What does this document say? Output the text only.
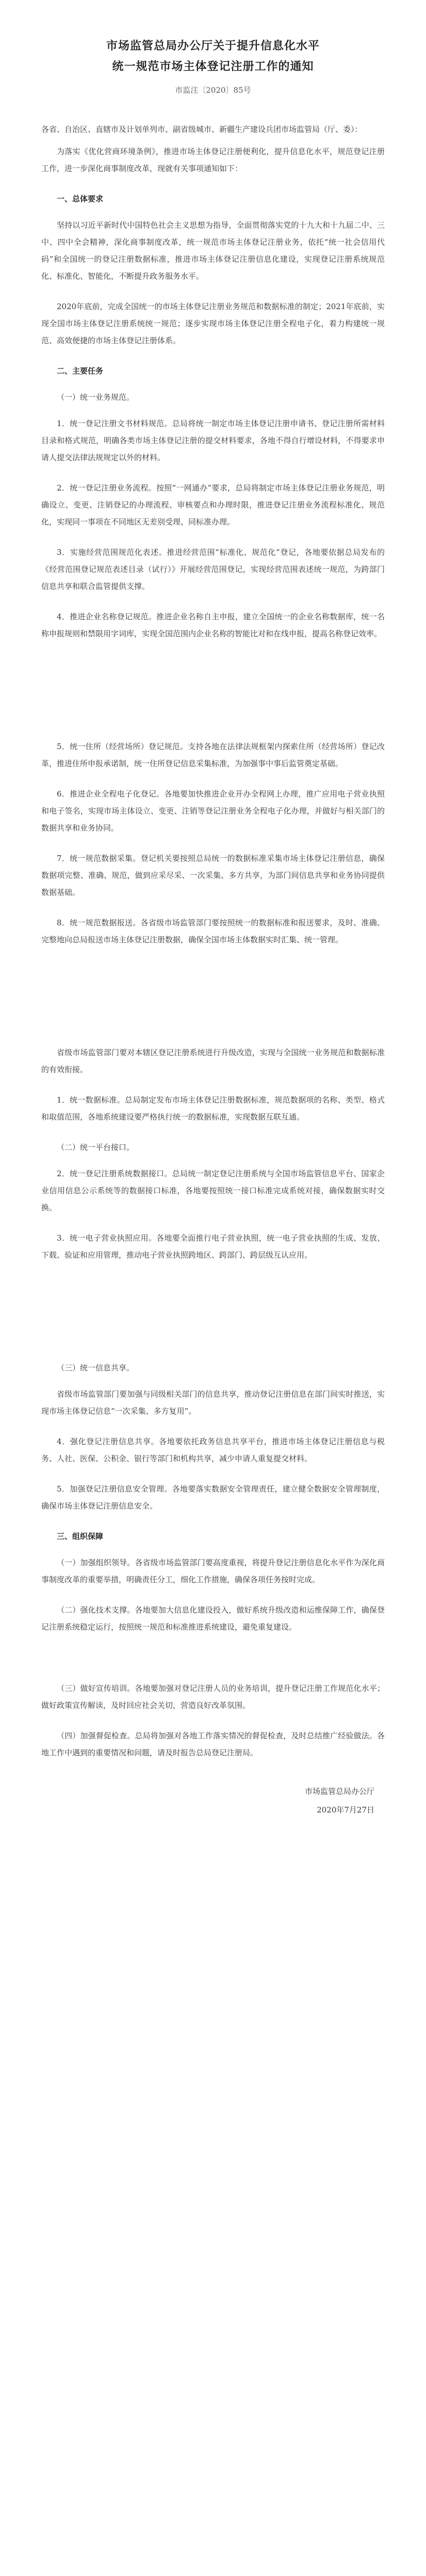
市场监管总局办公厅关于提升信息化水平
统一规范市场主体登记注册工作的通知
市监注〔2020〕85号

各省、自治区、直辖市及计划单列市、副省级城市、新疆生产建设兵团市场监管局（厅、委）：

为落实《优化营商环境条例》，推进市场主体登记注册便利化，提升信息化水平，规范登记注册工作，进一步深化商事制度改革，现就有关事项通知如下：

一、总体要求

坚持以习近平新时代中国特色社会主义思想为指导，全面贯彻落实党的十九大和十九届二中、三中、四中全会精神，深化商事制度改革，统一规范市场主体登记注册业务，依托“统一社会信用代码”和全国统一的登记注册数据标准，推进市场主体登记注册信息化建设，实现登记注册系统规范化、标准化、智能化，不断提升政务服务水平。

2020年底前，完成全国统一的市场主体登记注册业务规范和数据标准的制定；2021年底前，实现全国市场主体登记注册系统统一规范；逐步实现市场主体登记注册全程电子化，着力构建统一规范、高效便捷的市场主体登记注册体系。

二、主要任务
（一）统一业务规范。

1．统一登记注册文书材料规范。总局将统一制定市场主体登记注册申请书、登记注册所需材料目录和格式规范，明确各类市场主体登记注册的提交材料要求，各地不得自行增设材料，不得要求申请人提交法律法规规定以外的材料。

2．统一登记注册业务流程。按照“一网通办”要求，总局将制定市场主体登记注册业务规范，明确设立、变更、注销登记的办理流程、审核要点和办理时限，推进登记注册业务流程标准化、规范化，实现同一事项在不同地区无差别受理、同标准办理。

3．实施经营范围规范化表述。推进经营范围“标准化、规范化”登记，各地要依据总局发布的《经营范围登记规范表述目录（试行）》开展经营范围登记，实现经营范围表述统一规范，为跨部门信息共享和联合监管提供支撑。

4．推进企业名称登记规范。推进企业名称自主申报，建立全国统一的企业名称数据库，统一名称申报规则和禁限用字词库，实现全国范围内企业名称的智能比对和在线申报，提高名称登记效率。

5．统一住所（经营场所）登记规范。支持各地在法律法规框架内探索住所（经营场所）登记改革，推进住所申报承诺制，统一住所登记信息采集标准，为加强事中事后监管奠定基础。

6．推进企业全程电子化登记。各地要加快推进企业开办全程网上办理，推广应用电子营业执照和电子签名，实现市场主体设立、变更、注销等登记注册业务全程电子化办理，并做好与相关部门的数据共享和业务协同。

7．统一规范数据采集。登记机关要按照总局统一的数据标准采集市场主体登记注册信息，确保数据项完整、准确、规范，做到应采尽采、一次采集、多方共享，为部门间信息共享和业务协同提供数据基础。

8．统一规范数据报送。各省级市场监管部门要按照统一的数据标准和报送要求，及时、准确、完整地向总局报送市场主体登记注册数据，确保全国市场主体数据实时汇集、统一管理。

省级市场监管部门要对本辖区登记注册系统进行升级改造，实现与全国统一业务规范和数据标准的有效衔接。

1．统一数据标准。总局制定发布市场主体登记注册数据标准，规范数据项的名称、类型、格式和取值范围，各地系统建设要严格执行统一的数据标准，实现数据互联互通。

（二）统一平台接口。

2．统一登记注册系统数据接口。总局统一制定登记注册系统与全国市场监管信息平台、国家企业信用信息公示系统等的数据接口标准，各地要按照统一接口标准完成系统对接，确保数据实时交换。

3．统一电子营业执照应用。各地要全面推行电子营业执照，统一电子营业执照的生成、发放、下载、验证和应用管理，推动电子营业执照跨地区、跨部门、跨层级互认应用。

（三）统一信息共享。

省级市场监管部门要加强与同级相关部门的信息共享，推动登记注册信息在部门间实时推送，实现市场主体登记信息“一次采集、多方复用”。

4．强化登记注册信息共享。各地要依托政务信息共享平台，推进市场主体登记注册信息与税务、人社、医保、公积金、银行等部门和机构共享，减少申请人重复提交材料。

5．加强登记注册信息安全管理。各地要落实数据安全管理责任，建立健全数据安全管理制度，确保市场主体登记注册信息安全。

三、组织保障

（一）加强组织领导。各省级市场监管部门要高度重视，将提升登记注册信息化水平作为深化商事制度改革的重要举措，明确责任分工，细化工作措施，确保各项任务按时完成。

（二）强化技术支撑。各地要加大信息化建设投入，做好系统升级改造和运维保障工作，确保登记注册系统稳定运行，按照统一规范和标准推进系统建设，避免重复建设。

（三）做好宣传培训。各地要加强对登记注册人员的业务培训，提升登记注册工作规范化水平；做好政策宣传解读，及时回应社会关切，营造良好改革氛围。

（四）加强督促检查。总局将加强对各地工作落实情况的督促检查，及时总结推广经验做法。各地工作中遇到的重要情况和问题，请及时报告总局登记注册局。

市场监管总局办公厅
2020年7月27日
